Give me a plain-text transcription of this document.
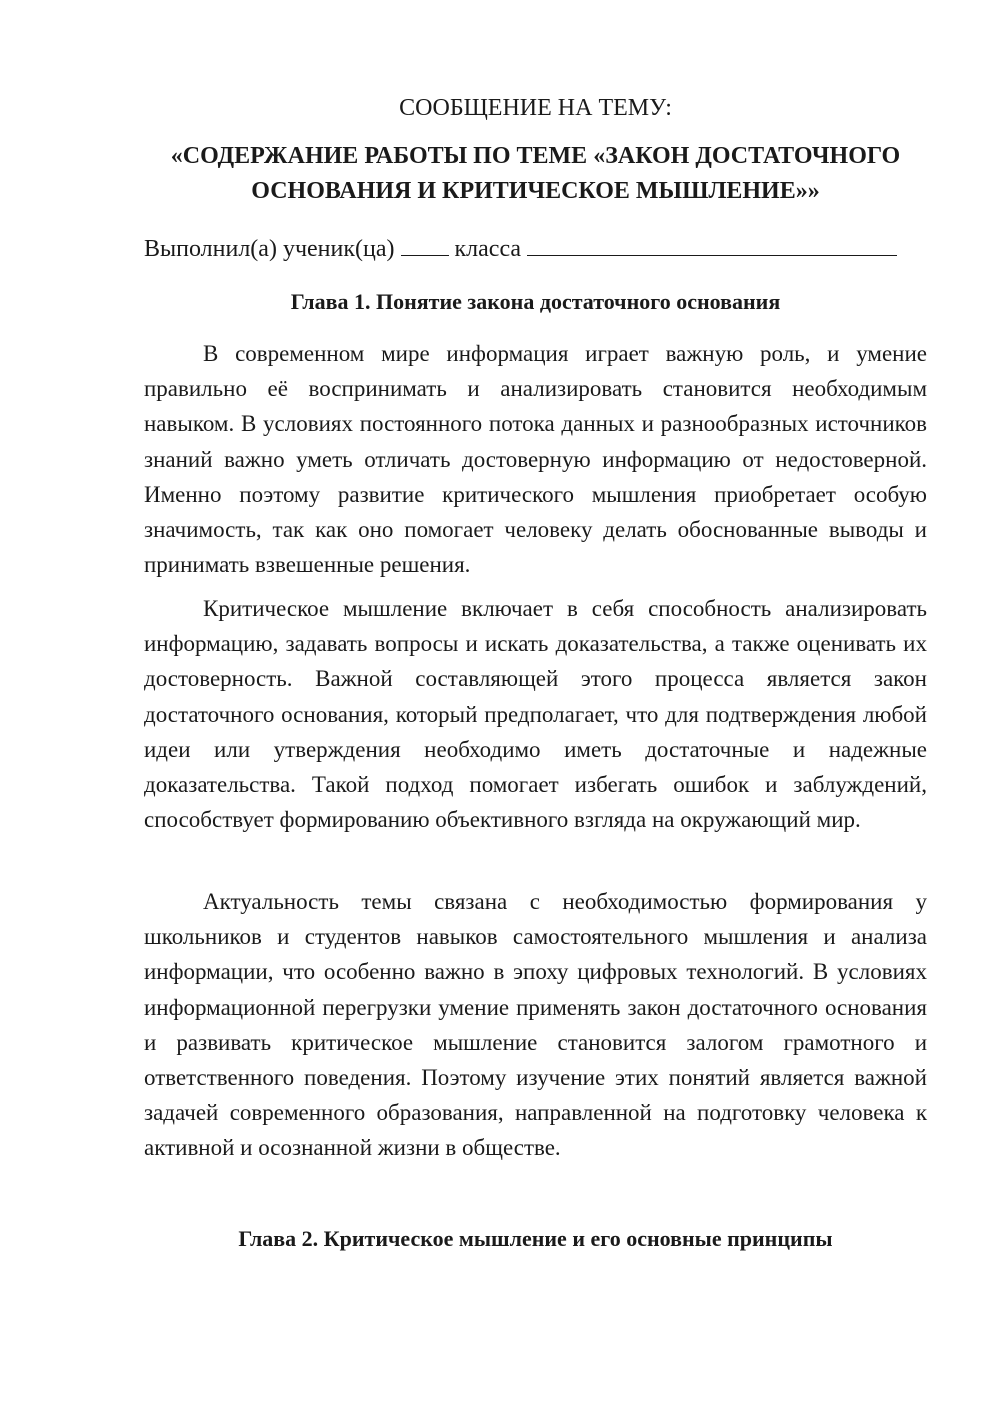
СООБЩЕНИЕ НА ТЕМУ:
«СОДЕРЖАНИЕ РАБОТЫ ПО ТЕМЕ «ЗАКОН ДОСТАТОЧНОГО
ОСНОВАНИЯ И КРИТИЧЕСКОЕ МЫШЛЕНИЕ»»
Выполнил(а) ученик(ца)	класса
Глава 1. Понятие закона достаточного основания

В современном мире информация играет важную роль, и умение правильно её воспринимать и анализировать становится необходимым навыком. В условиях постоянного потока данных и разнообразных источников знаний важно уметь отличать достоверную информацию от недостоверной. Именно поэтому развитие критического мышления приобретает особую значимость, так как оно помогает человеку делать обоснованные выводы и принимать взвешенные решения.

Критическое мышление включает в себя способность анализировать информацию, задавать вопросы и искать доказательства, а также оценивать их достоверность. Важной составляющей этого процесса является закон достаточного основания, который предполагает, что для подтверждения любой идеи или утверждения необходимо иметь достаточные и надежные доказательства. Такой подход помогает избегать ошибок и заблуждений, способствует формированию объективного взгляда на окружающий мир.

Актуальность темы связана с необходимостью формирования у школьников и студентов навыков самостоятельного мышления и анализа информации, что особенно важно в эпоху цифровых технологий. В условиях информационной перегрузки умение применять закон достаточного основания и развивать критическое мышление становится залогом грамотного и ответственного поведения. Поэтому изучение этих понятий является важной задачей современного образования, направленной на подготовку человека к активной и осознанной жизни в обществе.

Глава 2. Критическое мышление и его основные принципы
